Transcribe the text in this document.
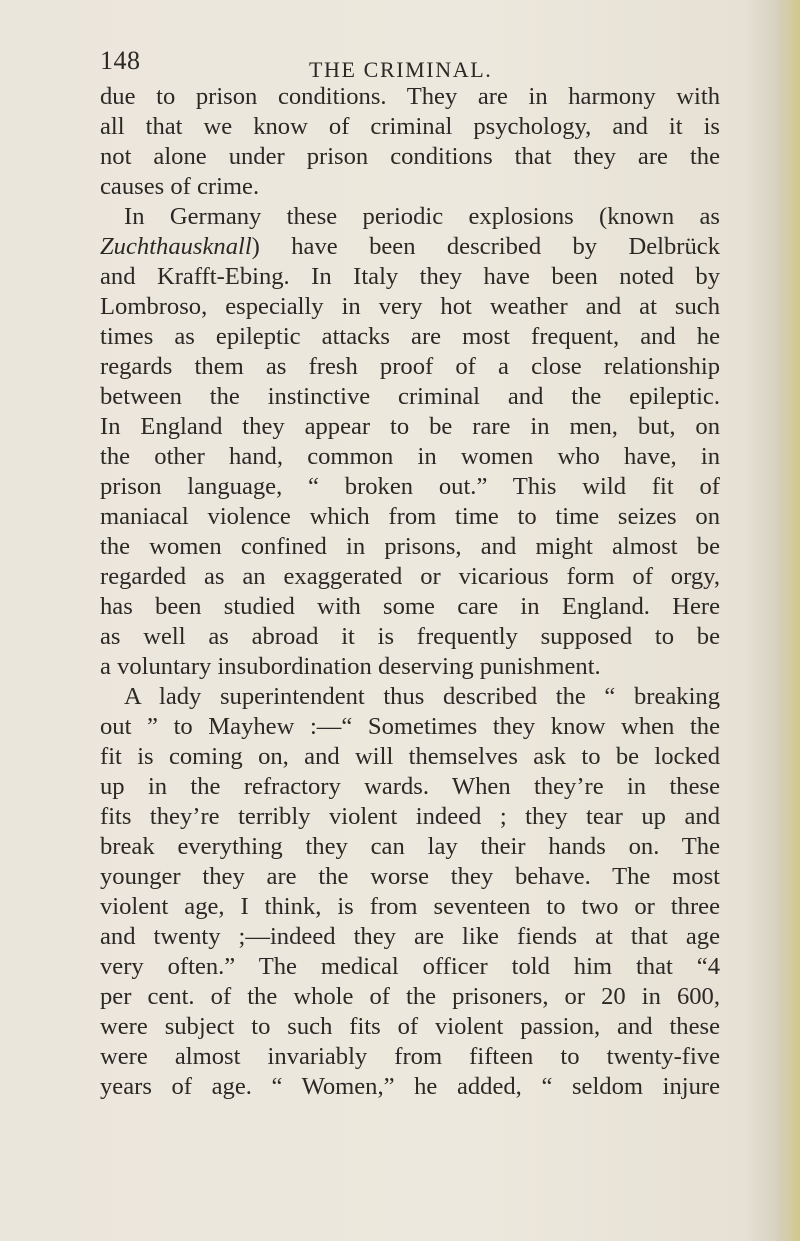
148	THE CRIMINAL.
due to prison conditions. They are in harmony with
all that we know of criminal psychology, and it is
not alone under prison conditions that they are the
causes of crime.
In Germany these periodic explosions (known as
Zuchthausknall) have been described by Delbrück
and Krafft-Ebing. In Italy they have been noted by
Lombroso, especially in very hot weather and at such
times as epileptic attacks are most frequent, and he
regards them as fresh proof of a close relationship
between the instinctive criminal and the epileptic.
In England they appear to be rare in men, but, on
the other hand, common in women who have, in
prison language, “ broken out.” This wild fit of
maniacal violence which from time to time seizes on
the women confined in prisons, and might almost be
regarded as an exaggerated or vicarious form of orgy,
has been studied with some care in England. Here
as well as abroad it is frequently supposed to be
a voluntary insubordination deserving punishment.
A lady superintendent thus described the “ breaking
out ” to Mayhew :—“ Sometimes they know when the
fit is coming on, and will themselves ask to be locked
up in the refractory wards. When they’re in these
fits they’re terribly violent indeed ; they tear up and
break everything they can lay their hands on. The
younger they are the worse they behave. The most
violent age, I think, is from seventeen to two or three
and twenty ;—indeed they are like fiends at that age
very often.” The medical officer told him that “4
per cent. of the whole of the prisoners, or 20 in 600,
were subject to such fits of violent passion, and these
were almost invariably from fifteen to twenty-five
years of age. “ Women,” he added, “ seldom injure
